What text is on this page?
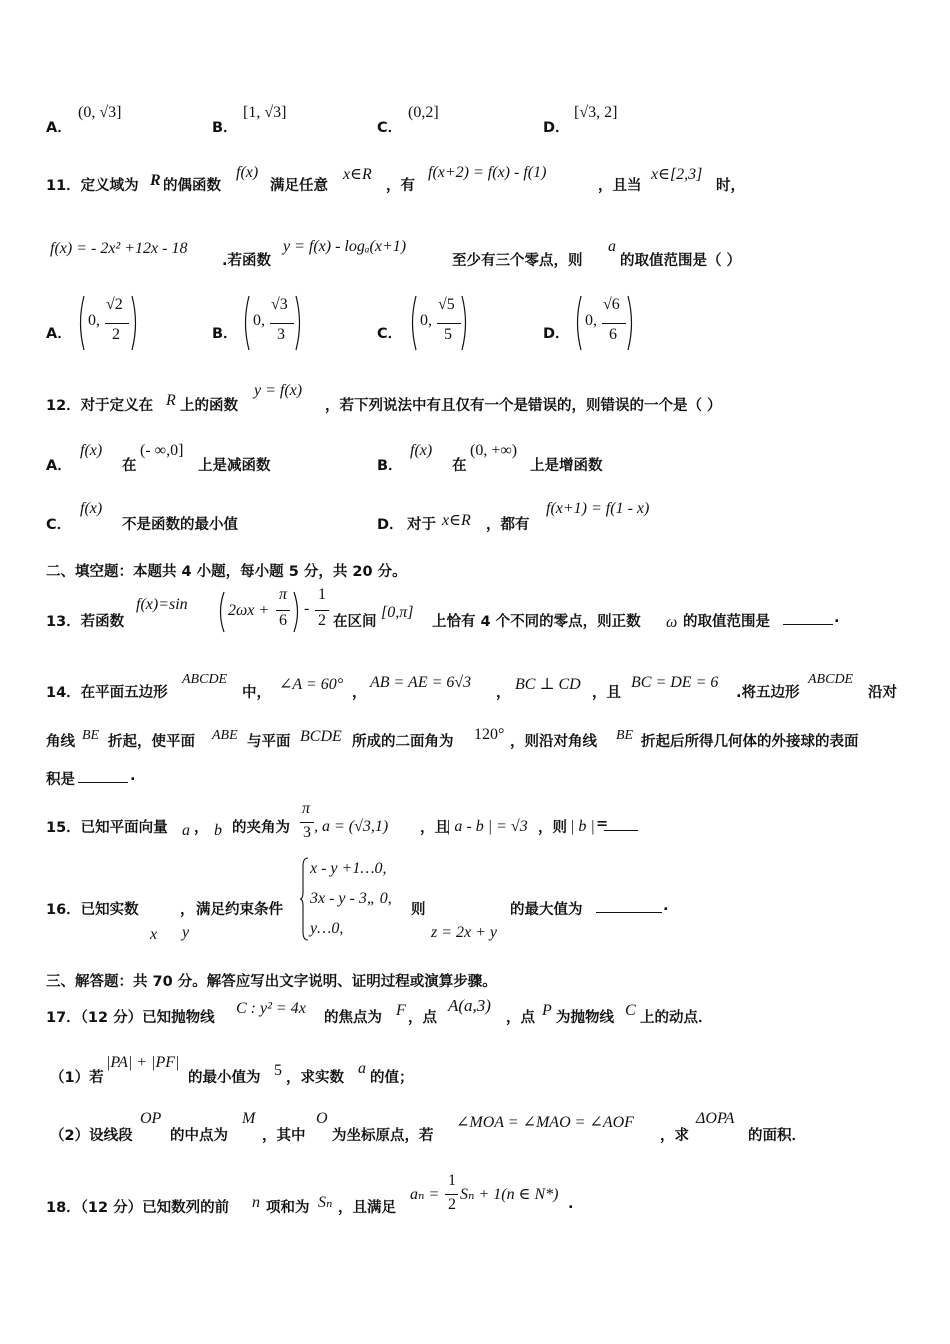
A．
(0, √3]
B．
[1, √3]
C．
(0,2]
D．
[√3, 2]
11．定义域为 R 的偶函数
f(x)
满足任意
x∈R
，有
f(x+2) = f(x) - f(1)
，且当
x∈[2,3]
时，
f(x) = - 2x² +12x - 18
.若函数
y = f(x) - logₐ(x+1)
至少有三个零点，则
a
的取值范围是（ ）
A．
0,
√2
2	B．
0,
√3
3	C．
0,
√5
5	D．
0,
√6
6
12．对于定义在 R 上的函数
y = f(x)
，若下列说法中有且仅有一个是错误的，则错误的一个是（ ）
A．
f(x)
在
(- ∞,0]
上是减函数	B．
f(x)
在
(0, +∞)
上是增函数
C．
f(x)
不是函数的最小值	D． 对于 x∈R ，都有
f(x+1) = f(1 - x)
二、填空题：本题共 4 小题，每小题 5 分，共 20 分。
13．若函数
f(x)=sin	2ωx +
π
6
-
1
2 在区间
[0,π]
上恰有 4 个不同的零点，则正数 ω 的取值范围是	.
14．在平面五边形
ABCDE
中， ∠A = 60° ，
AB = AE = 6√3
， BC ⊥ CD ，且
BC = DE = 6
.将五边形
ABCDE
沿对
角线 BE 折起，使平面 ABE 与平面 BCDE 所成的二面角为 120° ，则沿对角线 BE 折起后所得几何体的外接球的表面
积是	.
15．已知平面向量 a ， b 的夹角为
π
3 , a = (√3,1) ，且
| a - b | = √3 ，则 | b | =
16．已知实数	，
x y
满足约束条件
x - y +1…0,
3x - y - 3„ 0,
y…0,
则
z = 2x + y
的最大值为	.
三、解答题：共 70 分。解答应写出文字说明、证明过程或演算步骤。
17．（12 分）已知抛物线
C : y² = 4x
的焦点为 F ，点
A(a,3)
，点 P 为抛物线 C 上的动点．
（1）若
|PA| + |PF|
的最小值为 5 ，求实数
a
的值；
（2）设线段
OP
的中点为
M
，其中
O
为坐标原点，若
∠MOA = ∠MAO = ∠AOF
，求
ΔOPA
的面积．
18．（12 分）已知数列的前 n 项和为 Sₙ ，且满足
aₙ =
1
2
Sₙ + 1(n ∈ N*)
.
